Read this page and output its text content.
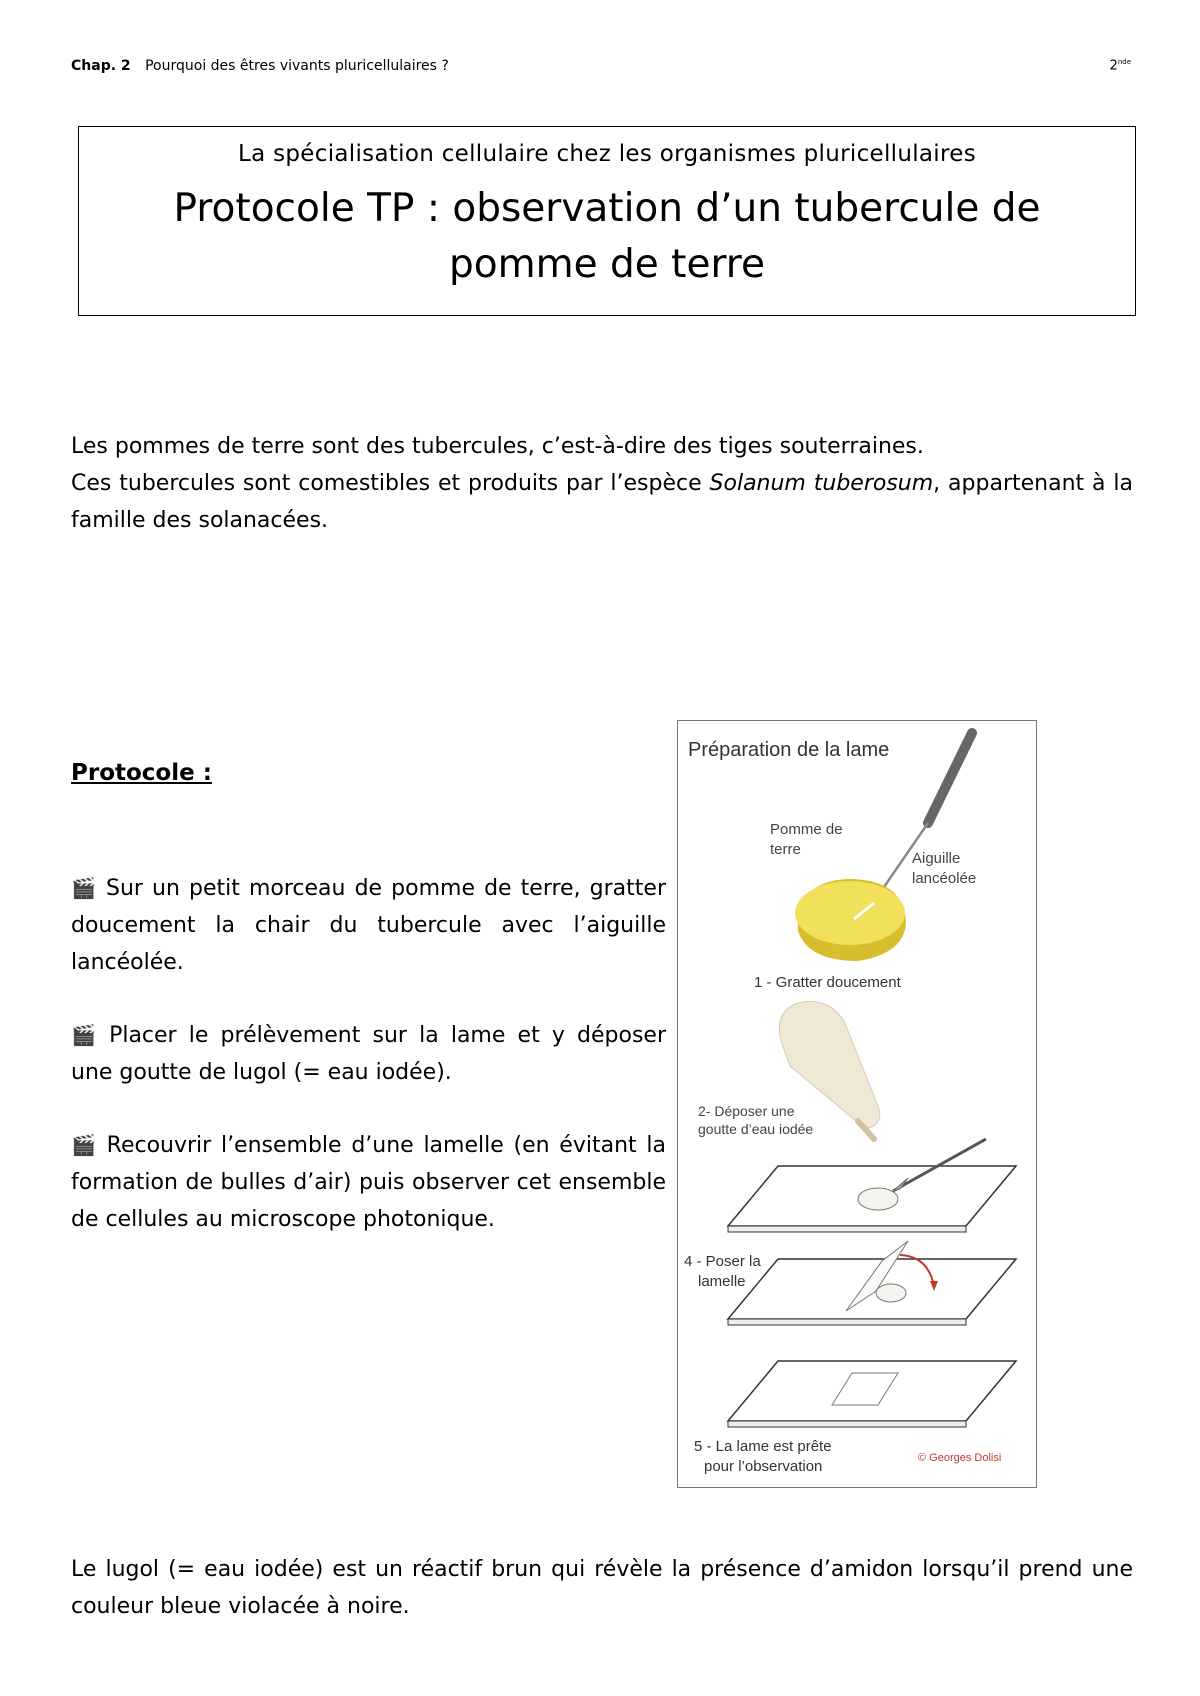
Chap. 2 Pourquoi des êtres vivants pluricellulaires ?	2nde
La spécialisation cellulaire chez les organismes pluricellulaires
Protocole TP : observation d’un tubercule de pomme de terre

Les pommes de terre sont des tubercules, c’est-à-dire des tiges souterraines.

Ces tubercules sont comestibles et produits par l’espèce Solanum tuberosum, appartenant à la famille des solanacées.

Protocole :

🎬 Sur un petit morceau de pomme de terre, gratter doucement la chair du tubercule avec l’aiguille lancéolée.

🎬 Placer le prélèvement sur la lame et y déposer une goutte de lugol (= eau iodée).

🎬 Recouvrir l’ensemble d’une lamelle (en évitant la formation de bulles d’air) puis observer cet ensemble de cellules au microscope photonique.

Préparation de la lame
Pomme de
terre
Aiguille
lancéolée
1 - Gratter doucement
2- Déposer une
goutte d’eau iodée
4 - Poser la
lamelle
5 - La lame est prête
pour l’observation	© Georges Dolisi

Le lugol (= eau iodée) est un réactif brun qui révèle la présence d’amidon lorsqu’il prend une couleur bleue violacée à noire.
